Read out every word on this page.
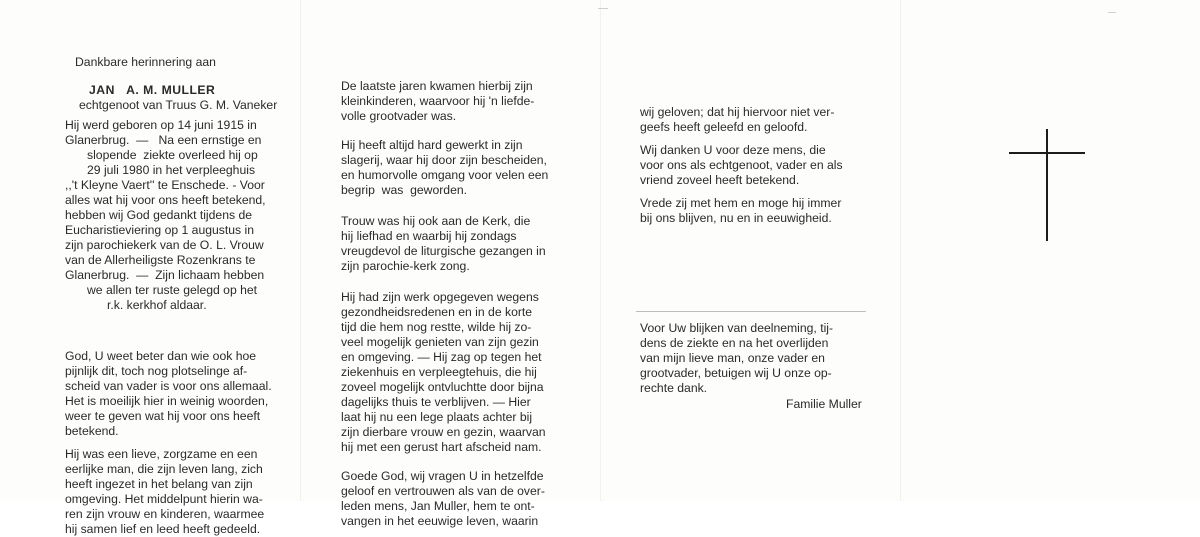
Dankbare herinnering aan

JAN   A. M. MULLER

echtgenoot van Truus G. M. Vaneker

Hij werd geboren op 14 juni 1915 in

Glanerbrug.  —   Na een ernstige en

slopende  ziekte overleed hij op

29 juli 1980 in het verpleeghuis

,,'t Kleyne Vaert'' te Enschede. - Voor

alles wat hij voor ons heeft betekend,

hebben wij God gedankt tijdens de

Eucharistieviering op 1 augustus in

zijn parochiekerk van de O. L. Vrouw

van de Allerheiligste Rozenkrans te

Glanerbrug.  —  Zijn lichaam hebben

we allen ter ruste gelegd op het

r.k. kerkhof aldaar.

God, U weet beter dan wie ook hoe

pijnlijk dit, toch nog plotselinge af-

scheid van vader is voor ons allemaal.

Het is moeilijk hier in weinig woorden,

weer te geven wat hij voor ons heeft

betekend.

Hij was een lieve, zorgzame en een

eerlijke man, die zijn leven lang, zich

heeft ingezet in het belang van zijn

omgeving. Het middelpunt hierin wa-

ren zijn vrouw en kinderen, waarmee

hij samen lief en leed heeft gedeeld.

De laatste jaren kwamen hierbij zijn

kleinkinderen, waarvoor hij 'n liefde-

volle grootvader was.

Hij heeft altijd hard gewerkt in zijn

slagerij, waar hij door zijn bescheiden,

en humorvolle omgang voor velen een

begrip  was  geworden.

Trouw was hij ook aan de Kerk, die

hij liefhad en waarbij hij zondags

vreugdevol de liturgische gezangen in

zijn parochie-kerk zong.

Hij had zijn werk opgegeven wegens

gezondheidsredenen en in de korte

tijd die hem nog restte, wilde hij zo-

veel mogelijk genieten van zijn gezin

en omgeving. — Hij zag op tegen het

ziekenhuis en verpleegtehuis, die hij

zoveel mogelijk ontvluchtte door bijna

dagelijks thuis te verblijven. — Hier

laat hij nu een lege plaats achter bij

zijn dierbare vrouw en gezin, waarvan

hij met een gerust hart afscheid nam.

Goede God, wij vragen U in hetzelfde

geloof en vertrouwen als van de over-

leden mens, Jan Muller, hem te ont-

vangen in het eeuwige leven, waarin

wij geloven; dat hij hiervoor niet ver-

geefs heeft geleefd en geloofd.

Wij danken U voor deze mens, die

voor ons als echtgenoot, vader en als

vriend zoveel heeft betekend.

Vrede zij met hem en moge hij immer

bij ons blijven, nu en in eeuwigheid.

Voor Uw blijken van deelneming, tij-

dens de ziekte en na het overlijden

van mijn lieve man, onze vader en

grootvader, betuigen wij U onze op-

rechte dank.

Familie Muller
